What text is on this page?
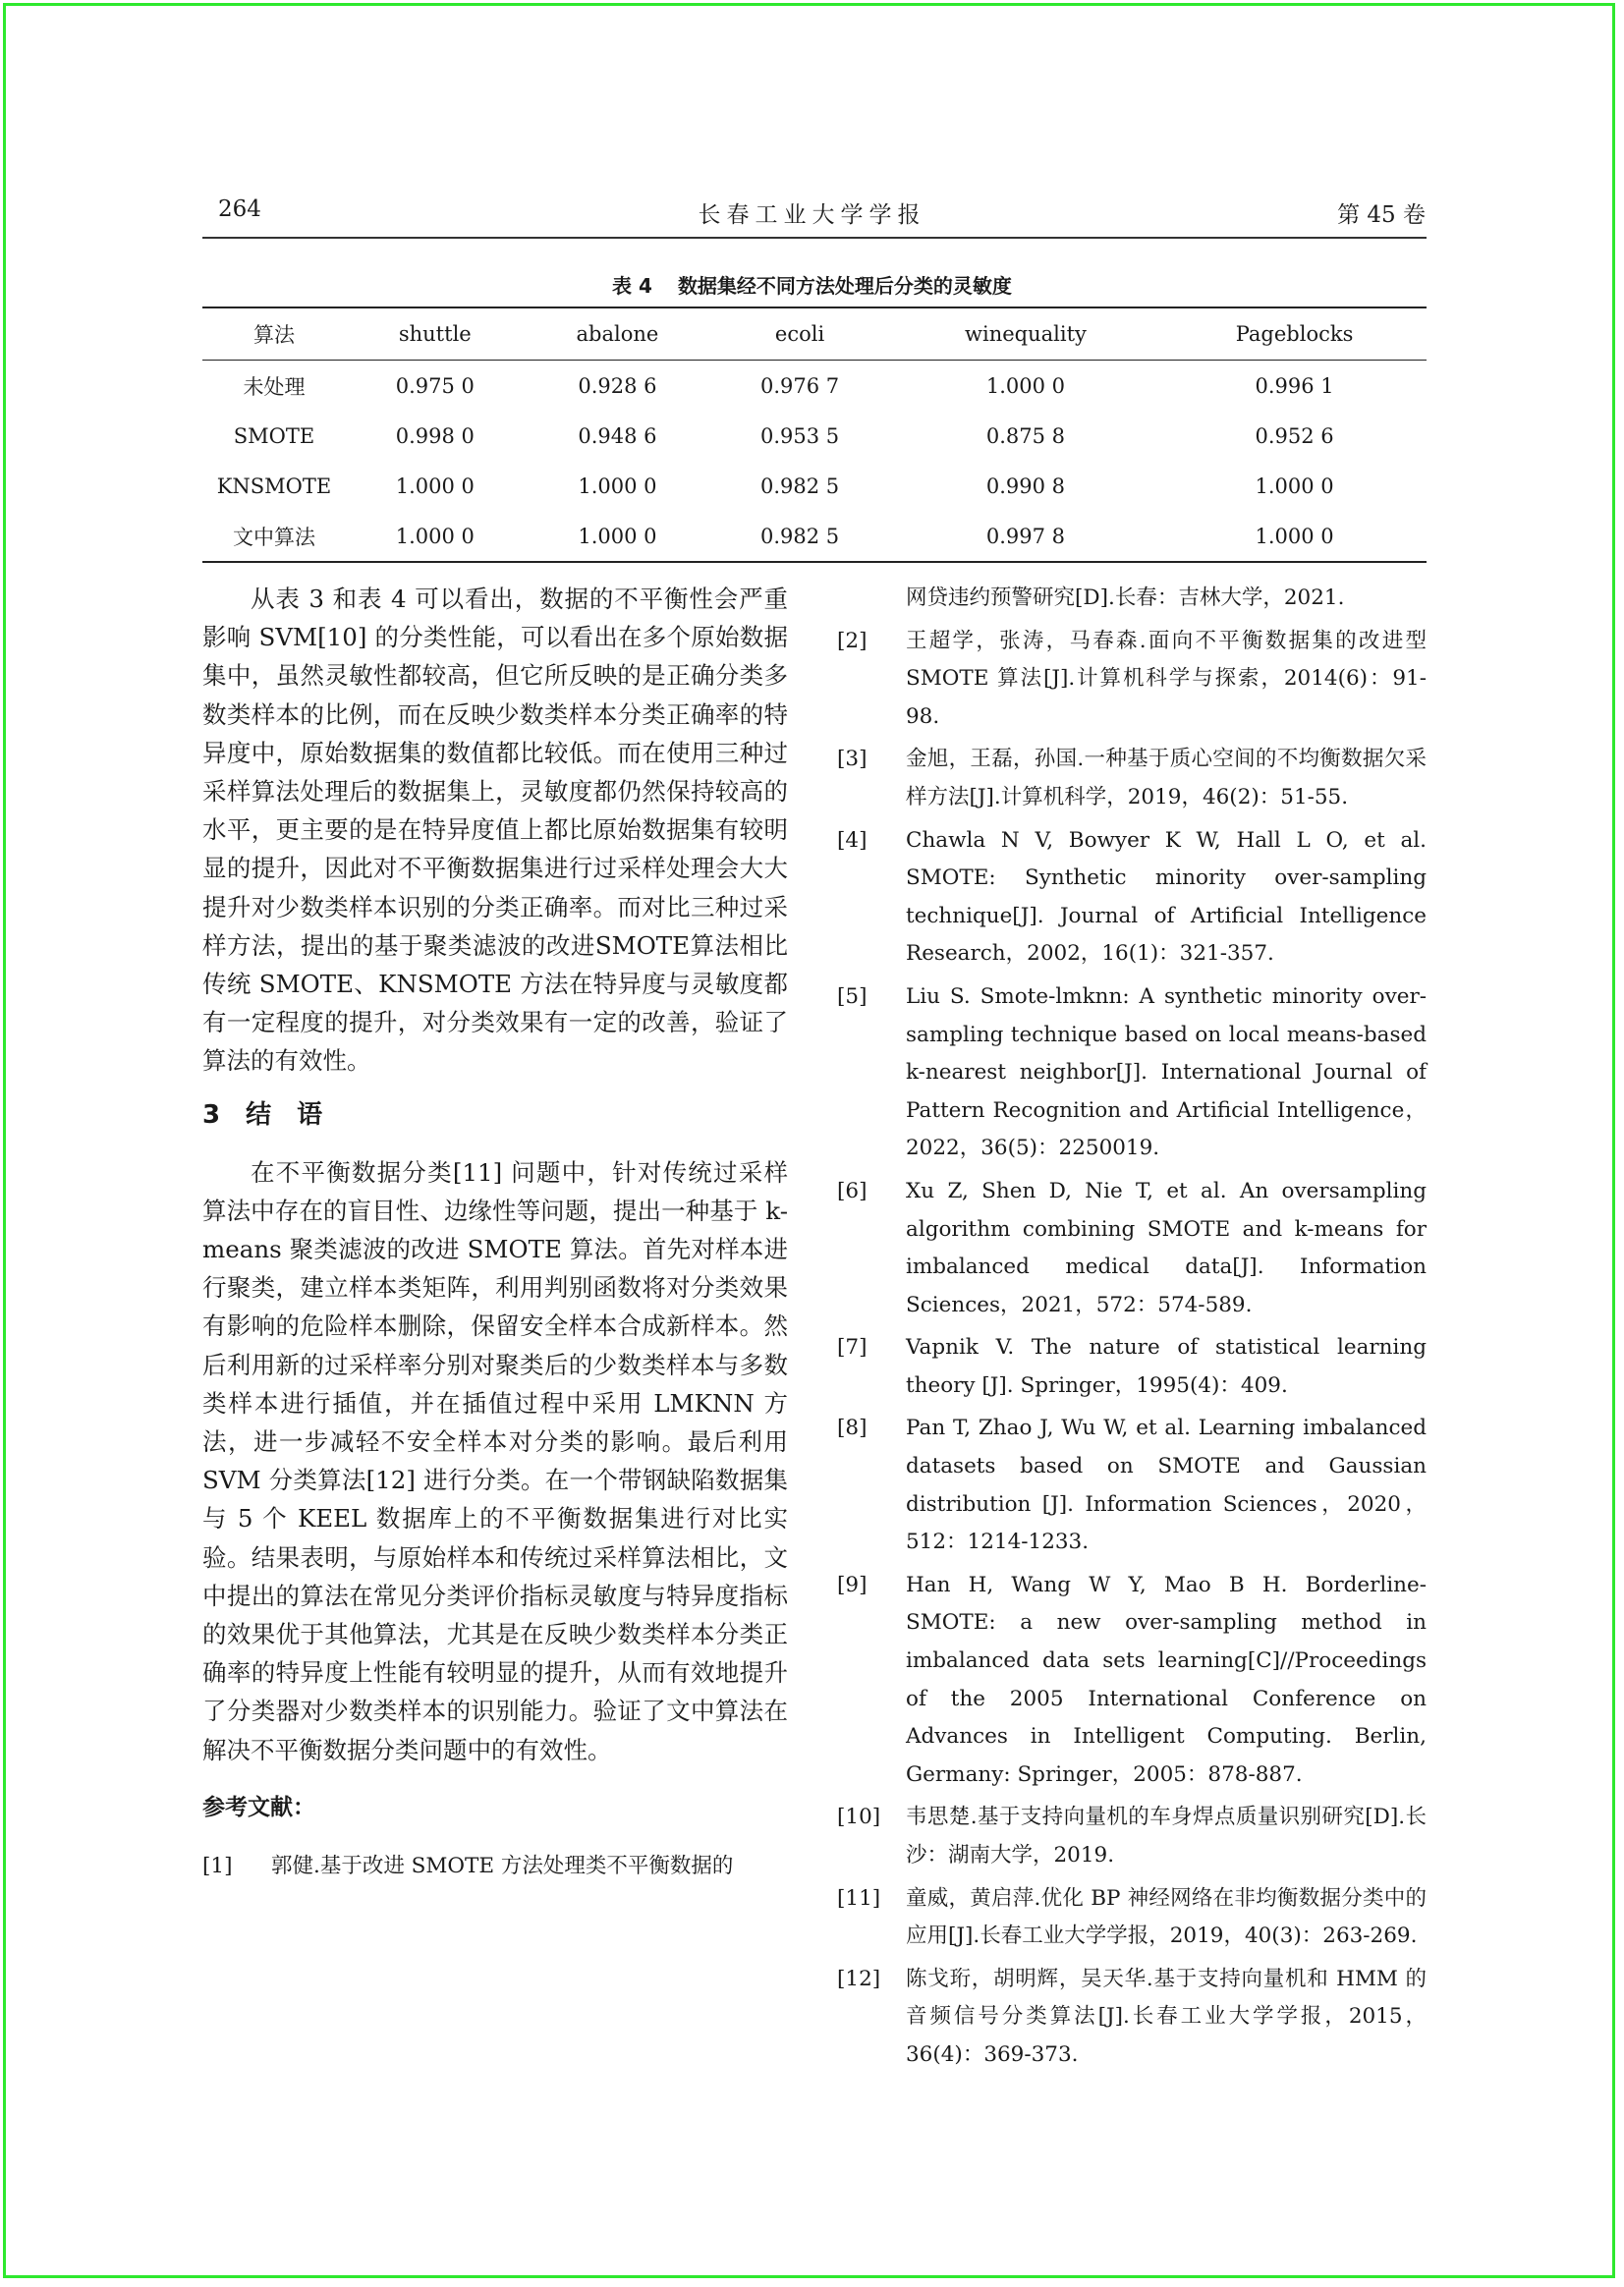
264	长春工业大学学报	第 45 卷
表 4 数据集经不同方法处理后分类的灵敏度
算法	shuttle	abalone	ecoli	winequality	Pageblocks
未处理	0.975 0	0.928 6	0.976 7	1.000 0	0.996 1
SMOTE	0.998 0	0.948 6	0.953 5	0.875 8	0.952 6
KNSMOTE	1.000 0	1.000 0	0.982 5	0.990 8	1.000 0
文中算法	1.000 0	1.000 0	0.982 5	0.997 8	1.000 0

从表 3 和表 4 可以看出，数据的不平衡性会严重影响 SVM[10] 的分类性能，可以看出在多个原始数据集中，虽然灵敏性都较高，但它所反映的是正确分类多数类样本的比例，而在反映少数类样本分类正确率的特异度中，原始数据集的数值都比较低。而在使用三种过采样算法处理后的数据集上，灵敏度都仍然保持较高的水平，更主要的是在特异度值上都比原始数据集有较明显的提升，因此对不平衡数据集进行过采样处理会大大提升对少数类样本识别的分类正确率。而对比三种过采样方法，提出的基于聚类滤波的改进SMOTE算法相比传统 SMOTE、KNSMOTE 方法在特异度与灵敏度都有一定程度的提升，对分类效果有一定的改善，验证了算法的有效性。

3 结　语

在不平衡数据分类[11] 问题中，针对传统过采样算法中存在的盲目性、边缘性等问题，提出一种基于 k-means 聚类滤波的改进 SMOTE 算法。首先对样本进行聚类，建立样本类矩阵，利用判别函数将对分类效果有影响的危险样本删除，保留安全样本合成新样本。然后利用新的过采样率分别对聚类后的少数类样本与多数类样本进行插值，并在插值过程中采用 LMKNN 方法，进一步减轻不安全样本对分类的影响。最后利用 SVM 分类算法[12] 进行分类。在一个带钢缺陷数据集与 5 个 KEEL 数据库上的不平衡数据集进行对比实验。结果表明，与原始样本和传统过采样算法相比，文中提出的算法在常见分类评价指标灵敏度与特异度指标的效果优于其他算法，尤其是在反映少数类样本分类正确率的特异度上性能有较明显的提升，从而有效地提升了分类器对少数类样本的识别能力。验证了文中算法在解决不平衡数据分类问题中的有效性。

参考文献：
[1] 郭健.基于改进 SMOTE 方法处理类不平衡数据的
网贷违约预警研究[D].长春：吉林大学，2021.
[2] 王超学，张涛，马春森.面向不平衡数据集的改进型 SMOTE 算法[J].计算机科学与探索，2014(6)：91-98.
[3] 金旭，王磊，孙国.一种基于质心空间的不均衡数据欠采样方法[J].计算机科学，2019，46(2)：51-55.
[4] Chawla N V, Bowyer K W, Hall L O, et al. SMOTE: Synthetic minority over-sampling technique[J]. Journal of Artificial Intelligence Research，2002，16(1)：321-357.
[5] Liu S. Smote-lmknn: A synthetic minority over-sampling technique based on local means-based k-nearest neighbor[J]. International Journal of Pattern Recognition and Artificial Intelligence，2022，36(5)：2250019.
[6] Xu Z, Shen D, Nie T, et al. An oversampling algorithm combining SMOTE and k-means for imbalanced medical data[J]. Information Sciences，2021，572：574-589.
[7] Vapnik V. The nature of statistical learning theory [J]. Springer，1995(4)：409.
[8] Pan T, Zhao J, Wu W, et al. Learning imbalanced datasets based on SMOTE and Gaussian distribution [J]. Information Sciences，2020，512：1214-1233.
[9] Han H, Wang W Y, Mao B H. Borderline-SMOTE: a new over-sampling method in imbalanced data sets learning[C]//Proceedings of the 2005 International Conference on Advances in Intelligent Computing. Berlin, Germany: Springer，2005：878-887.
[10] 韦思楚.基于支持向量机的车身焊点质量识别研究[D].长沙：湖南大学，2019.
[11] 童威，黄启萍.优化 BP 神经网络在非均衡数据分类中的应用[J].长春工业大学学报，2019，40(3)：263-269.
[12] 陈戈珩，胡明辉，吴天华.基于支持向量机和 HMM 的音频信号分类算法[J].长春工业大学学报，2015，36(4)：369-373.
